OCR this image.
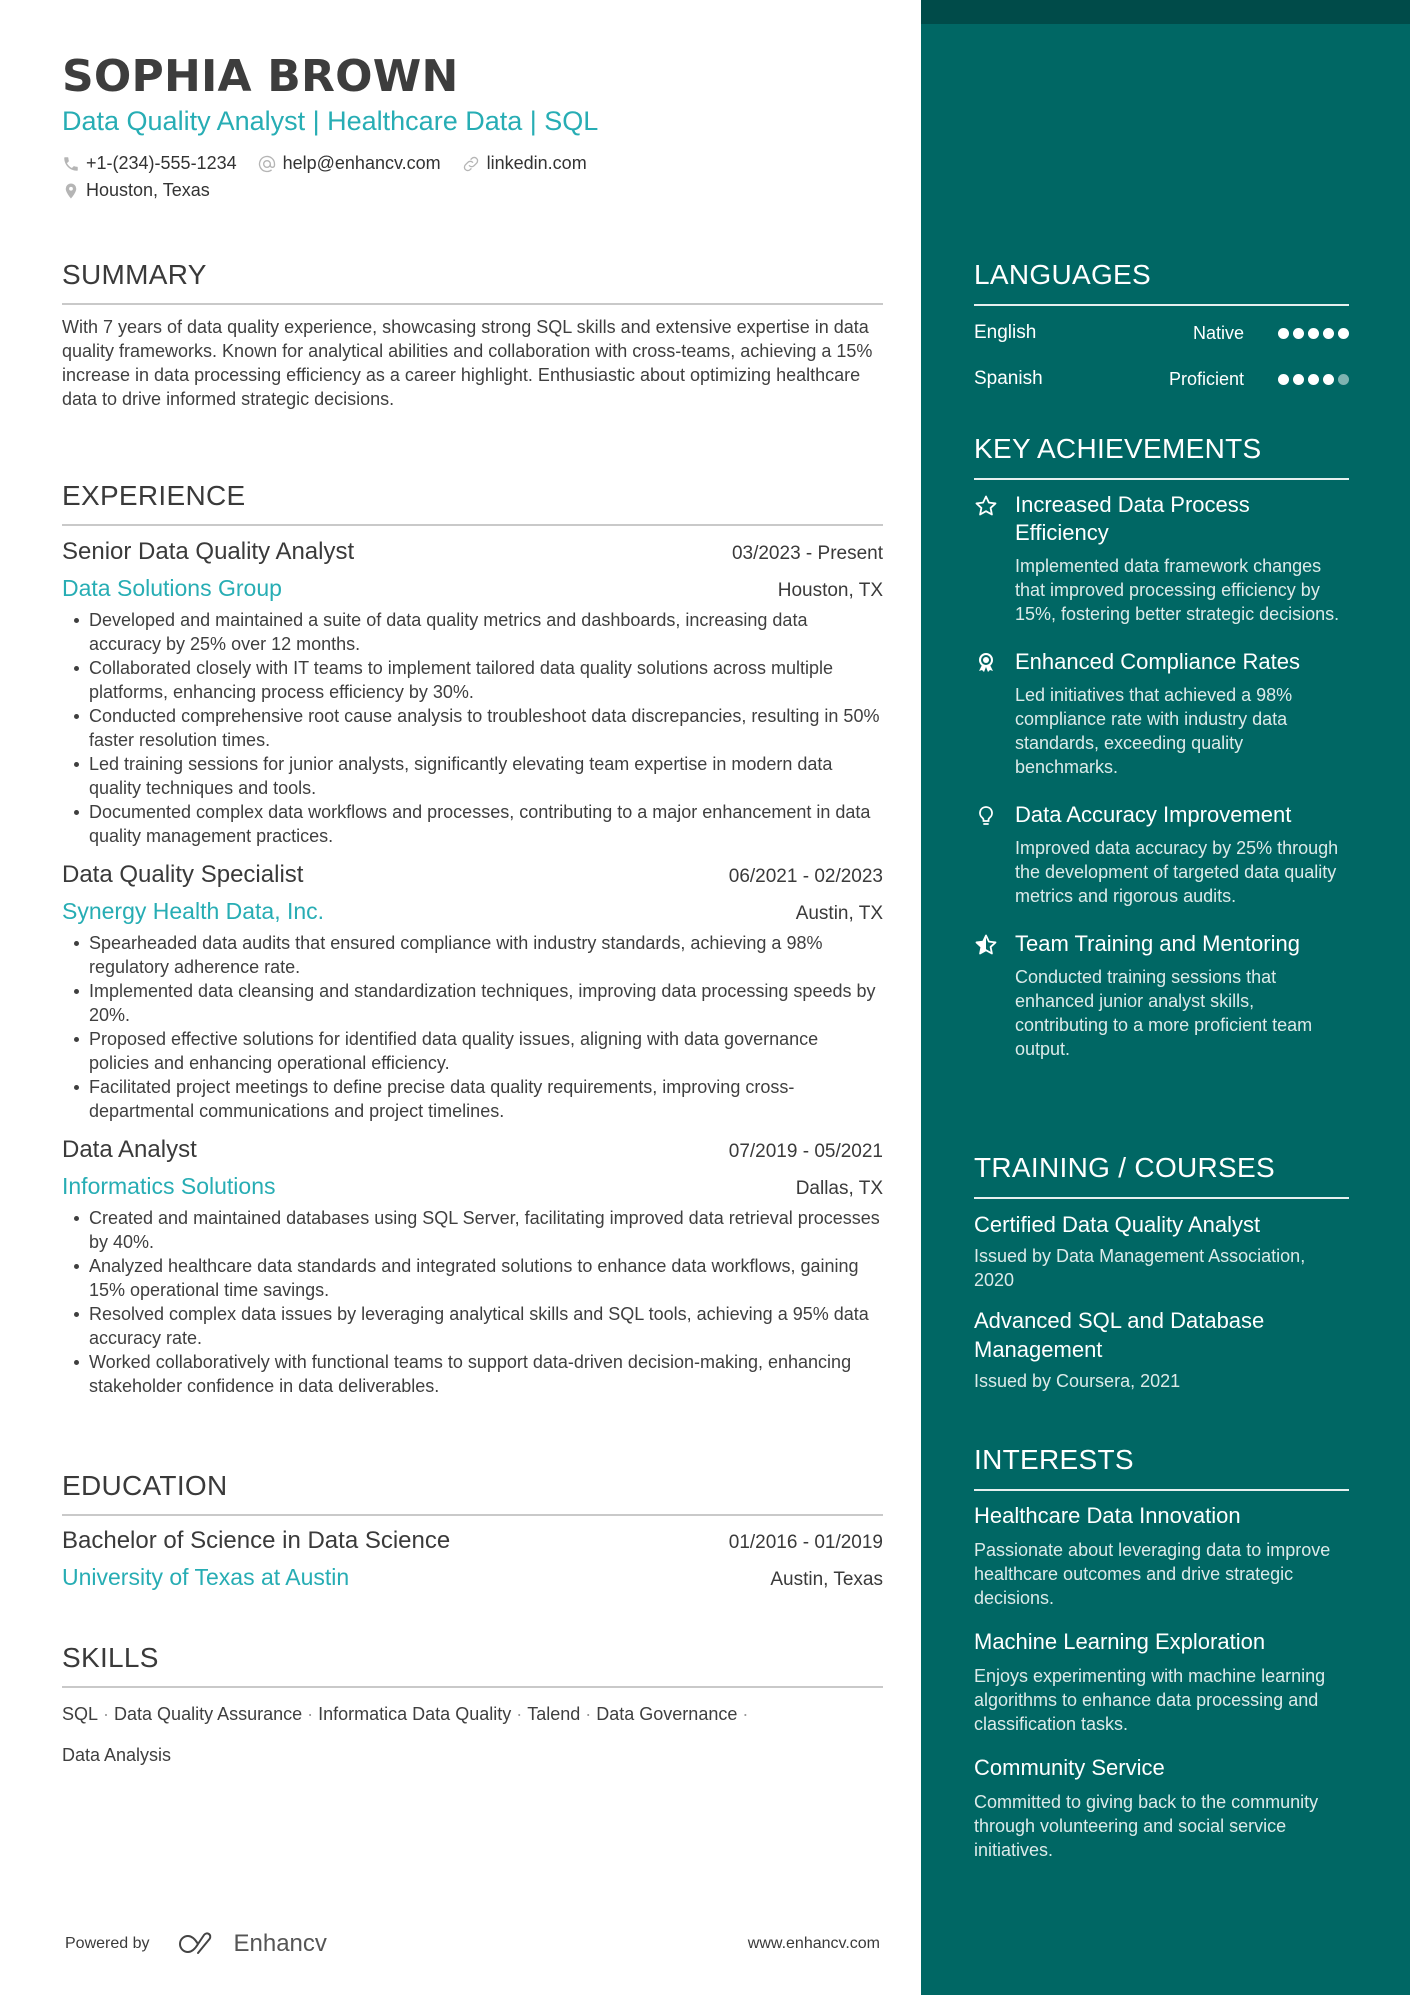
SOPHIA BROWN
Data Quality Analyst | Healthcare Data | SQL
+1-(234)-555-1234	help@enhancv.com	linkedin.com
Houston, Texas
SUMMARY
With 7 years of data quality experience, showcasing strong SQL skills and extensive expertise in data quality frameworks. Known for analytical abilities and collaboration with cross-teams, achieving a 15% increase in data processing efficiency as a career highlight. Enthusiastic about optimizing healthcare data to drive informed strategic decisions.
EXPERIENCE
Senior Data Quality Analyst	03/2023 - Present
Data Solutions Group	Houston, TX
Developed and maintained a suite of data quality metrics and dashboards, increasing data accuracy by 25% over 12 months.
Collaborated closely with IT teams to implement tailored data quality solutions across multiple platforms, enhancing process efficiency by 30%.
Conducted comprehensive root cause analysis to troubleshoot data discrepancies, resulting in 50% faster resolution times.
Led training sessions for junior analysts, significantly elevating team expertise in modern data quality techniques and tools.
Documented complex data workflows and processes, contributing to a major enhancement in data quality management practices.
Data Quality Specialist	06/2021 - 02/2023
Synergy Health Data, Inc.	Austin, TX
Spearheaded data audits that ensured compliance with industry standards, achieving a 98% regulatory adherence rate.
Implemented data cleansing and standardization techniques, improving data processing speeds by 20%.
Proposed effective solutions for identified data quality issues, aligning with data governance policies and enhancing operational efficiency.
Facilitated project meetings to define precise data quality requirements, improving cross-departmental communications and project timelines.
Data Analyst	07/2019 - 05/2021
Informatics Solutions	Dallas, TX
Created and maintained databases using SQL Server, facilitating improved data retrieval processes by 40%.
Analyzed healthcare data standards and integrated solutions to enhance data workflows, gaining 15% operational time savings.
Resolved complex data issues by leveraging analytical skills and SQL tools, achieving a 95% data accuracy rate.
Worked collaboratively with functional teams to support data-driven decision-making, enhancing stakeholder confidence in data deliverables.
EDUCATION
Bachelor of Science in Data Science	01/2016 - 01/2019
University of Texas at Austin	Austin, Texas
SKILLS
SQL · Data Quality Assurance · Informatica Data Quality · Talend · Data Governance ·
Data Analysis
Powered by	Enhancv	www.enhancv.com
LANGUAGES
English	Native
Spanish	Proficient
KEY ACHIEVEMENTS
Increased Data Process Efficiency
Implemented data framework changes that improved processing efficiency by 15%, fostering better strategic decisions.
Enhanced Compliance Rates
Led initiatives that achieved a 98% compliance rate with industry data standards, exceeding quality benchmarks.
Data Accuracy Improvement
Improved data accuracy by 25% through the development of targeted data quality metrics and rigorous audits.
Team Training and Mentoring
Conducted training sessions that enhanced junior analyst skills, contributing to a more proficient team output.
TRAINING / COURSES
Certified Data Quality Analyst
Issued by Data Management Association, 2020
Advanced SQL and Database Management
Issued by Coursera, 2021
INTERESTS
Healthcare Data Innovation
Passionate about leveraging data to improve healthcare outcomes and drive strategic decisions.
Machine Learning Exploration
Enjoys experimenting with machine learning algorithms to enhance data processing and classification tasks.
Community Service
Committed to giving back to the community through volunteering and social service initiatives.
